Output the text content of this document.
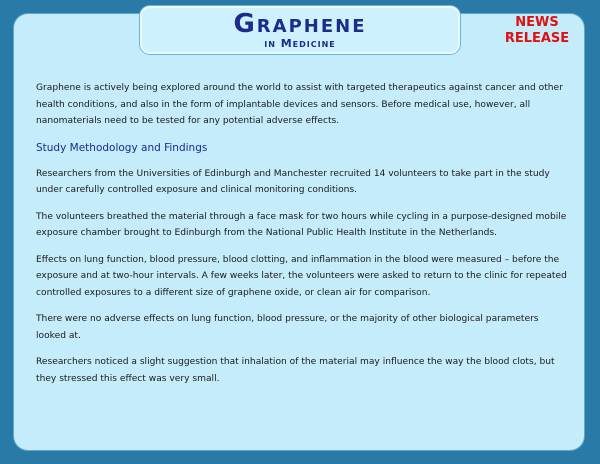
Graphene
in Medicine
NEWS
RELEASE

Graphene is actively being explored around the world to assist with targeted therapeutics against cancer and other health conditions, and also in the form of implantable devices and sensors. Before medical use, however, all nanomaterials need to be tested for any potential adverse effects.

Study Methodology and Findings

Researchers from the Universities of Edinburgh and Manchester recruited 14 volunteers to take part in the study under carefully controlled exposure and clinical monitoring conditions.

The volunteers breathed the material through a face mask for two hours while cycling in a purpose-designed mobile exposure chamber brought to Edinburgh from the National Public Health Institute in the Netherlands.

Effects on lung function, blood pressure, blood clotting, and inflammation in the blood were measured – before the exposure and at two-hour intervals. A few weeks later, the volunteers were asked to return to the clinic for repeated controlled exposures to a different size of graphene oxide, or clean air for comparison.

There were no adverse effects on lung function, blood pressure, or the majority of other biological parameters looked at.

Researchers noticed a slight suggestion that inhalation of the material may influence the way the blood clots, but they stressed this effect was very small.
